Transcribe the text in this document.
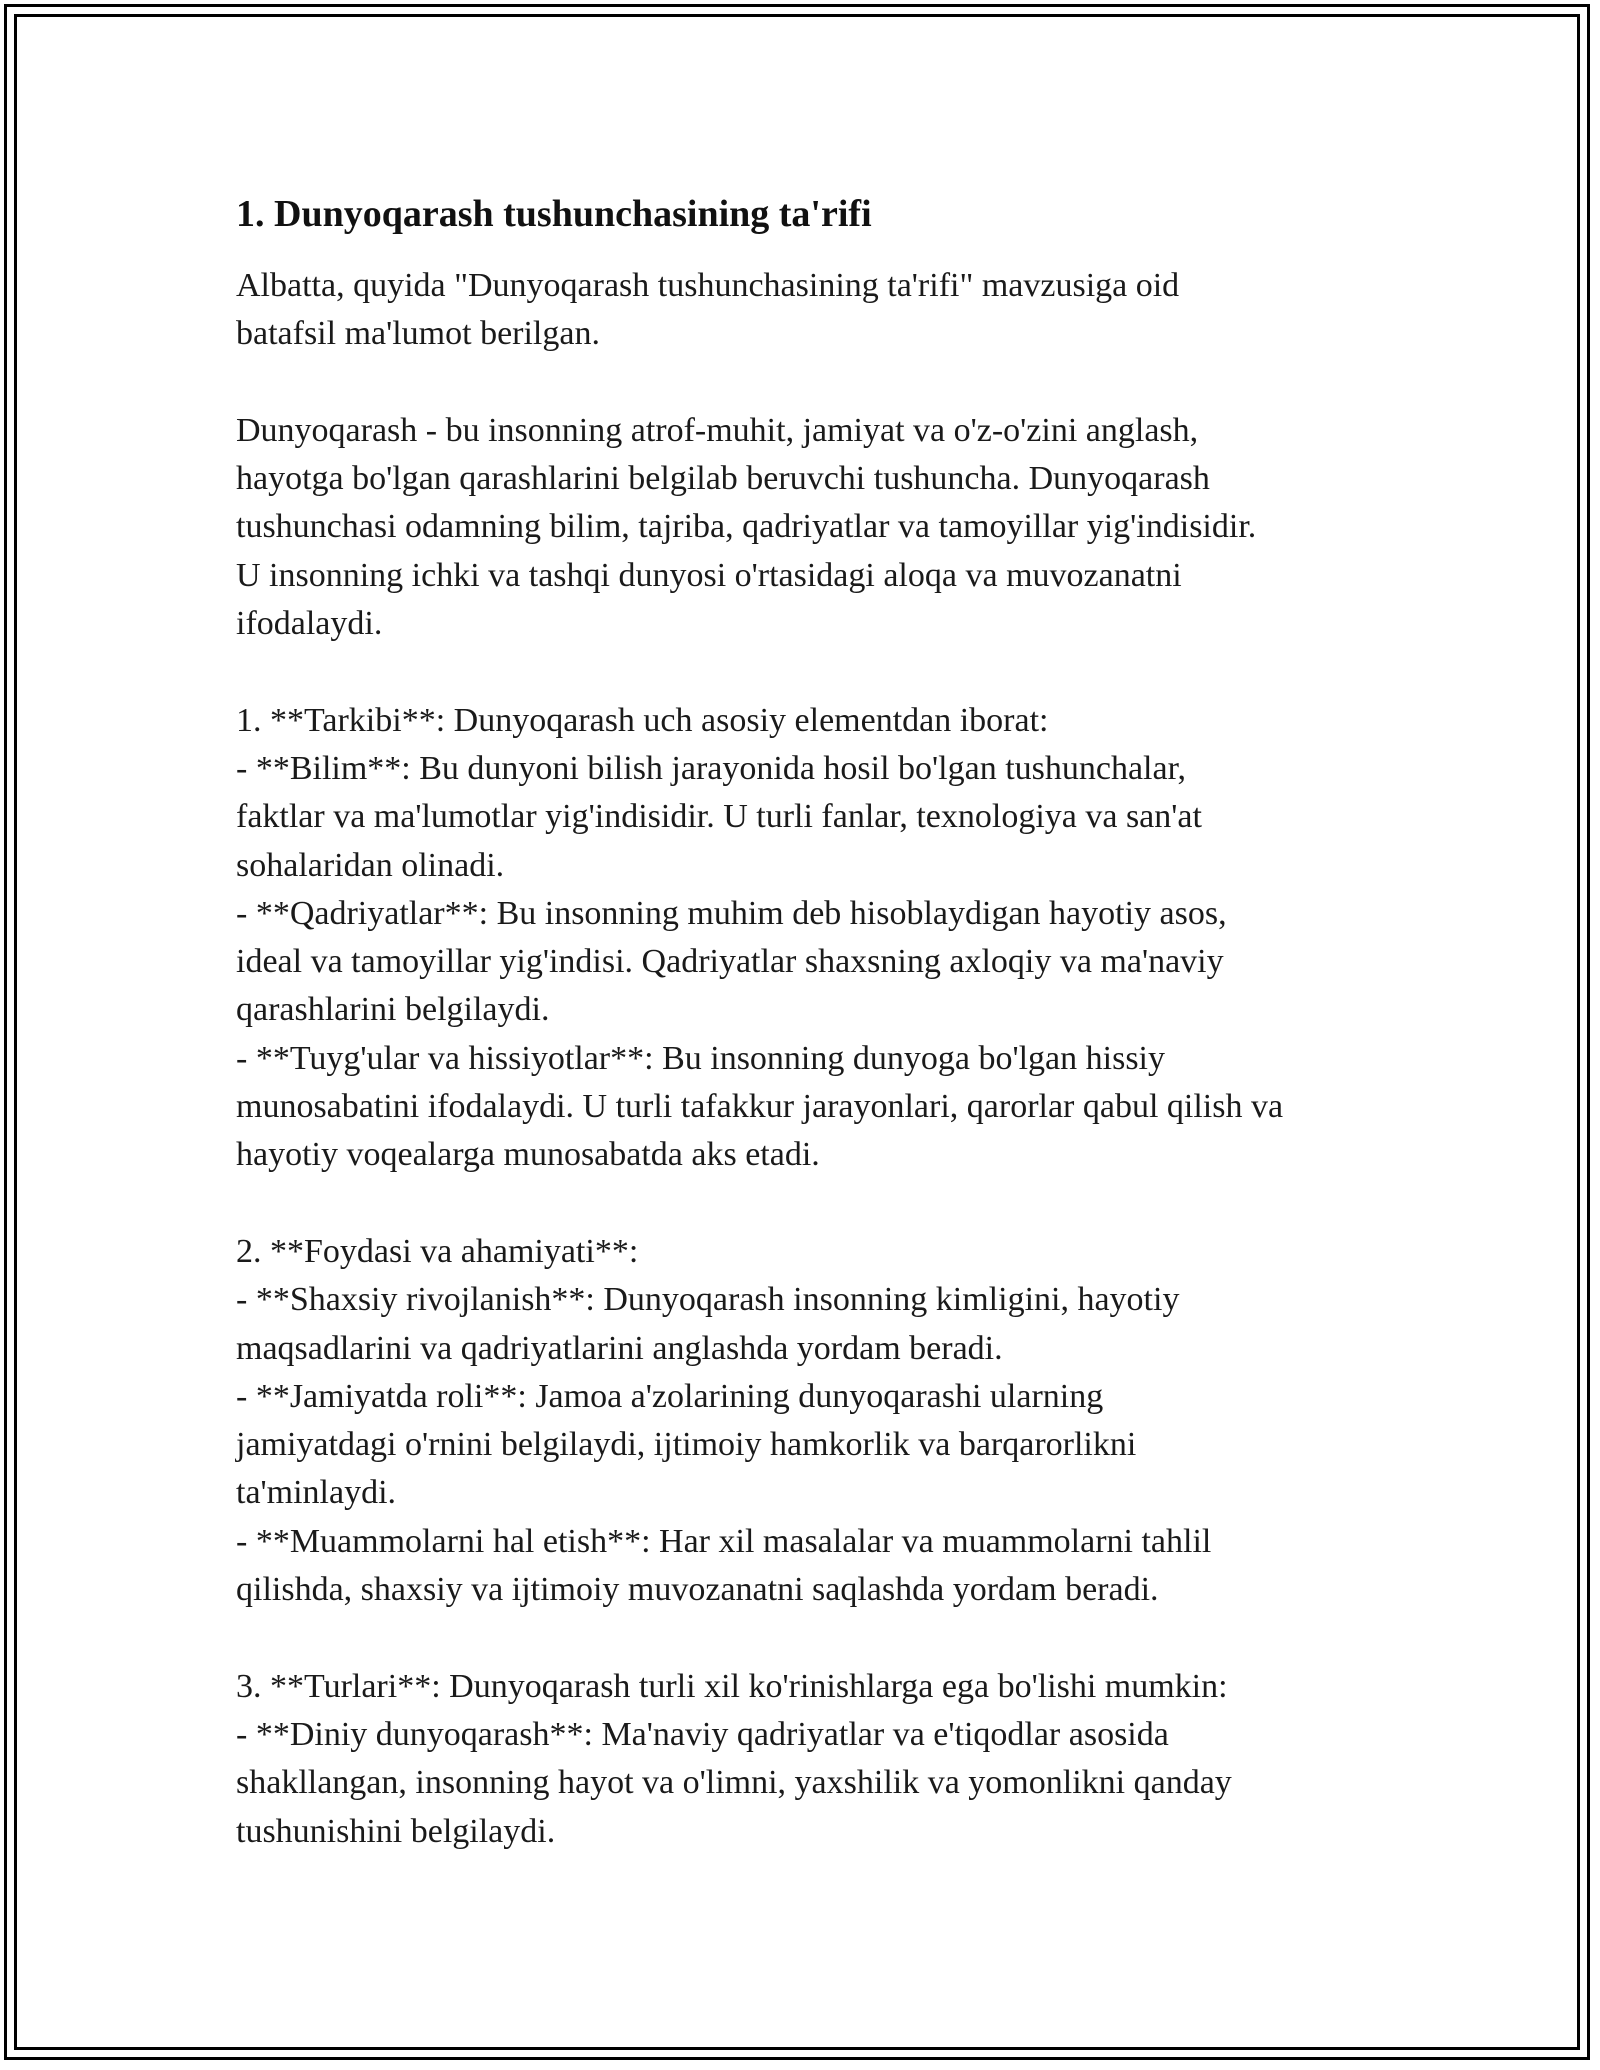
1. Dunyoqarash tushunchasining ta'rifi

Albatta, quyida "Dunyoqarash tushunchasining ta'rifi" mavzusiga oid
batafsil ma'lumot berilgan.

Dunyoqarash - bu insonning atrof-muhit, jamiyat va o'z-o'zini anglash,
hayotga bo'lgan qarashlarini belgilab beruvchi tushuncha. Dunyoqarash
tushunchasi odamning bilim, tajriba, qadriyatlar va tamoyillar yig'indisidir.
U insonning ichki va tashqi dunyosi o'rtasidagi aloqa va muvozanatni
ifodalaydi.

1. **Tarkibi**: Dunyoqarash uch asosiy elementdan iborat:
- **Bilim**: Bu dunyoni bilish jarayonida hosil bo'lgan tushunchalar,
faktlar va ma'lumotlar yig'indisidir. U turli fanlar, texnologiya va san'at
sohalaridan olinadi.
- **Qadriyatlar**: Bu insonning muhim deb hisoblaydigan hayotiy asos,
ideal va tamoyillar yig'indisi. Qadriyatlar shaxsning axloqiy va ma'naviy
qarashlarini belgilaydi.
- **Tuyg'ular va hissiyotlar**: Bu insonning dunyoga bo'lgan hissiy
munosabatini ifodalaydi. U turli tafakkur jarayonlari, qarorlar qabul qilish va
hayotiy voqealarga munosabatda aks etadi.

2. **Foydasi va ahamiyati**:
- **Shaxsiy rivojlanish**: Dunyoqarash insonning kimligini, hayotiy
maqsadlarini va qadriyatlarini anglashda yordam beradi.
- **Jamiyatda roli**: Jamoa a'zolarining dunyoqarashi ularning
jamiyatdagi o'rnini belgilaydi, ijtimoiy hamkorlik va barqarorlikni
ta'minlaydi.
- **Muammolarni hal etish**: Har xil masalalar va muammolarni tahlil
qilishda, shaxsiy va ijtimoiy muvozanatni saqlashda yordam beradi.

3. **Turlari**: Dunyoqarash turli xil ko'rinishlarga ega bo'lishi mumkin:
- **Diniy dunyoqarash**: Ma'naviy qadriyatlar va e'tiqodlar asosida
shakllangan, insonning hayot va o'limni, yaxshilik va yomonlikni qanday
tushunishini belgilaydi.
